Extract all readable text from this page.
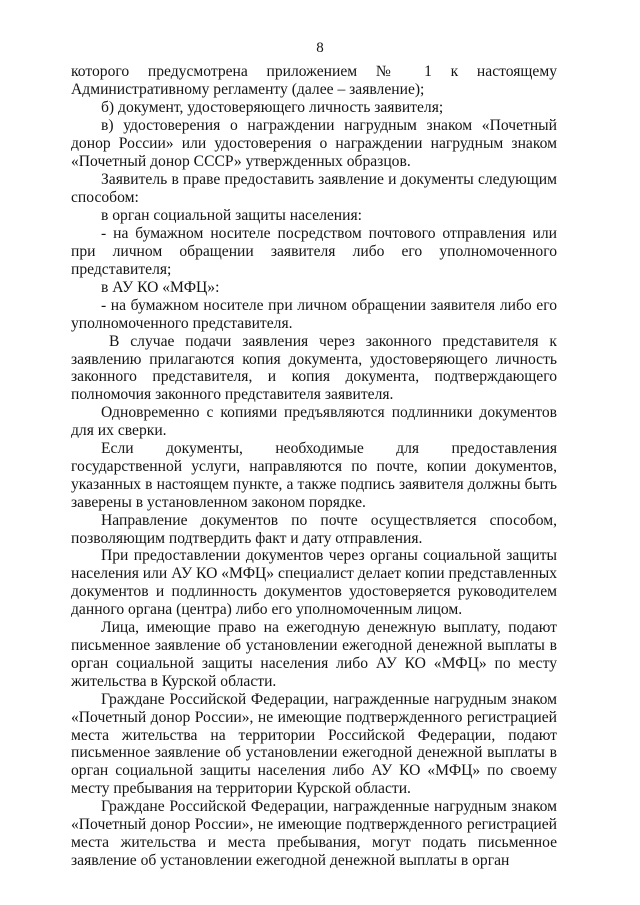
8

которого предусмотрена приложением № 1 к настоящему Административному регламенту (далее – заявление);

б) документ, удостоверяющего личность заявителя;

в) удостоверения о награждении нагрудным знаком «Почетный донор России» или удостоверения о награждении нагрудным знаком «Почетный донор СССР» утвержденных образцов.

Заявитель в праве предоставить заявление и документы следующим способом:

в орган социальной защиты населения:

- на бумажном носителе посредством почтового отправления или при личном обращении заявителя либо его уполномоченного представителя;

в АУ КО «МФЦ»:

- на бумажном носителе при личном обращении заявителя либо его уполномоченного представителя.

В случае подачи заявления через законного представителя к заявлению прилагаются копия документа, удостоверяющего личность законного представителя, и копия документа, подтверждающего полномочия законного представителя заявителя.

Одновременно с копиями предъявляются подлинники документов для их сверки.

Если документы, необходимые для предоставления государственной услуги, направляются по почте, копии документов, указанных в настоящем пункте, а также подпись заявителя должны быть заверены в установленном законом порядке.

Направление документов по почте осуществляется способом, позволяющим подтвердить факт и дату отправления.

При предоставлении документов через органы социальной защиты населения или АУ КО «МФЦ» специалист делает копии представленных документов и подлинность документов удостоверяется руководителем данного органа (центра) либо его уполномоченным лицом.

Лица, имеющие право на ежегодную денежную выплату, подают письменное заявление об установлении ежегодной денежной выплаты в орган социальной защиты населения либо АУ КО «МФЦ» по месту жительства в Курской области.

Граждане Российской Федерации, награжденные нагрудным знаком «Почетный донор России», не имеющие подтвержденного регистрацией места жительства на территории Российской Федерации, подают письменное заявление об установлении ежегодной денежной выплаты в орган социальной защиты населения либо АУ КО «МФЦ» по своему месту пребывания на территории Курской области.

Граждане Российской Федерации, награжденные нагрудным знаком «Почетный донор России», не имеющие подтвержденного регистрацией места жительства и места пребывания, могут подать письменное заявление об установлении ежегодной денежной выплаты в орган
